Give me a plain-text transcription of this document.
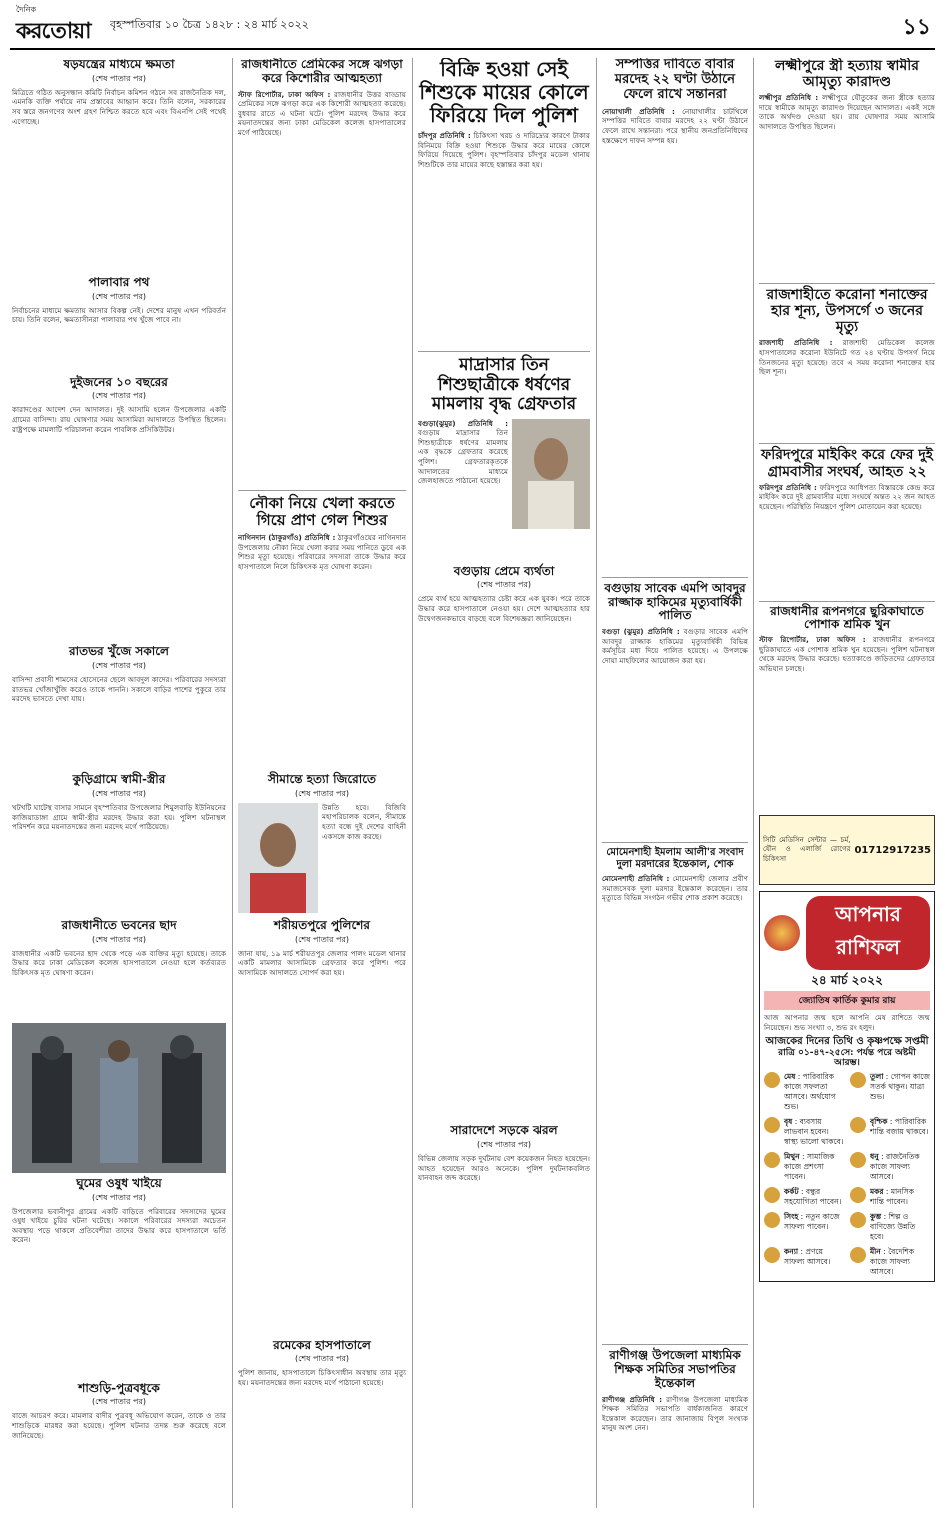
দৈনিক
করতোয়া বৃহস্পতিবার ১০ চৈত্র ১৪২৮ : ২৪ মার্চ ২০২২	১১
ষড়যন্ত্রের মাধ্যমে ক্ষমতা
(শেষ পাতার পর)
মিত্রিতে গঠিত অনুসন্ধান কমিটি নির্বাচন কমিশন গঠনে সব রাজনৈতিক দল, এমনকি ব্যক্তি পর্যায়ে নাম প্রস্তাবের আহ্বান করে। তিনি বলেন, সরকারের সব স্তরে জনগণের অংশ গ্রহণ নিশ্চিত করতে হবে এবং বিএনপি সেই পথেই এগোচ্ছে।
পালাবার পথ
(শেষ পাতার পর)
নির্বাচনের মাধ্যমে ক্ষমতায় আসার বিকল্প নেই। দেশের মানুষ এখন পরিবর্তন চায়। তিনি বলেন, ক্ষমতাসীনরা পালাবার পথ খুঁজে পাবে না।
দুইজনের ১০ বছরের
(শেষ পাতার পর)
কারাদণ্ডের আদেশ দেন আদালত। দুই আসামি হলেন উপজেলার একটি গ্রামের বাসিন্দা। রায় ঘোষণার সময় আসামিরা আদালতে উপস্থিত ছিলেন। রাষ্ট্রপক্ষে মামলাটি পরিচালনা করেন পাবলিক প্রসিকিউটর।
রাতভর খুঁজে সকালে
(শেষ পাতার পর)
বাসিন্দা প্রবাসী শামসের হোসেনের ছেলে আবদুল কাদের। পরিবারের সদস্যরা রাতভর খোঁজাখুঁজি করেও তাকে পাননি। সকালে বাড়ির পাশের পুকুরে তার মরদেহ ভাসতে দেখা যায়।
কুড়িগ্রামে স্বামী-স্ত্রীর
(শেষ পাতার পর)
খটখটি ঘাটেস্থ বাসার সামনে বৃহস্পতিবার উপজেলার শিমুলবাড়ি ইউনিয়নের কাজিয়াডাঙ্গা গ্রামে স্বামী-স্ত্রীর মরদেহ উদ্ধার করা হয়। পুলিশ ঘটনাস্থল পরিদর্শন করে ময়নাতদন্তের জন্য মরদেহ মর্গে পাঠিয়েছে।
রাজধানীতে ভবনের ছাদ
(শেষ পাতার পর)
রাজধানীর একটি ভবনের ছাদ থেকে পড়ে এক ব্যক্তির মৃত্যু হয়েছে। তাকে উদ্ধার করে ঢাকা মেডিকেল কলেজ হাসপাতালে নেওয়া হলে কর্তব্যরত চিকিৎসক মৃত ঘোষণা করেন।
ঘুমের ওষুধ খাইয়ে
(শেষ পাতার পর)
উপজেলার ভবানীপুর গ্রামের একটি বাড়িতে পরিবারের সদস্যদের ঘুমের ওষুধ খাইয়ে চুরির ঘটনা ঘটেছে। সকালে পরিবারের সদস্যরা অচেতন অবস্থায় পড়ে থাকলে প্রতিবেশীরা তাদের উদ্ধার করে হাসপাতালে ভর্তি করেন।
শাশুড়ি-পুত্রবধূকে
(শেষ পাতার পর)
বাজে আচরণ করে। মামলার বাদীর পুত্রবধূ অভিযোগ করেন, তাকে ও তার শাশুড়িকে মারধর করা হয়েছে। পুলিশ ঘটনার তদন্ত শুরু করেছে বলে জানিয়েছে।
রাজধানীতে প্রেমিকের সঙ্গে ঝগড়া করে কিশোরীর আত্মহত্যা
স্টাফ রিপোর্টার, ঢাকা অফিস : রাজধানীর উত্তর বাড্ডায় প্রেমিকের সঙ্গে ঝগড়া করে এক কিশোরী আত্মহত্যা করেছে। বুধবার রাতে এ ঘটনা ঘটে। পুলিশ মরদেহ উদ্ধার করে ময়নাতদন্তের জন্য ঢাকা মেডিকেল কলেজ হাসপাতালের মর্গে পাঠিয়েছে।
নৌকা নিয়ে খেলা করতে গিয়ে প্রাণ গেল শিশুর
নাগিনদান (ঠাকুরগাঁও) প্রতিনিধি : ঠাকুরগাঁওয়ের নাগিনদান উপজেলায় নৌকা নিয়ে খেলা করার সময় পানিতে ডুবে এক শিশুর মৃত্যু হয়েছে। পরিবারের সদস্যরা তাকে উদ্ধার করে হাসপাতালে নিলে চিকিৎসক মৃত ঘোষণা করেন।
সীমান্তে হত্যা জিরোতে
(শেষ পাতার পর)
উন্নতি হবে। বিজিবি মহাপরিচালক বলেন, সীমান্তে হত্যা বন্ধে দুই দেশের বাহিনী একসঙ্গে কাজ করছে।
শরীয়তপুরে পুলিশের
(শেষ পাতার পর)
জানা যায়, ১৯ মার্চ শরীয়তপুর জেলার পালং মডেল থানার একটি মামলার আসামিকে গ্রেফতার করে পুলিশ। পরে আসামিকে আদালতে সোপর্দ করা হয়।
রমেকের হাসপাতালে
(শেষ পাতার পর)
পুলিশ জানায়, হাসপাতালে চিকিৎসাধীন অবস্থায় তার মৃত্যু হয়। ময়নাতদন্তের জন্য মরদেহ মর্গে পাঠানো হয়েছে।
বিক্রি হওয়া সেই শিশুকে মায়ের কোলে ফিরিয়ে দিল পুলিশ
চাঁদপুর প্রতিনিধি : চিকিৎসা খরচ ও দারিদ্র্যের কারণে টাকার বিনিময়ে বিক্রি হওয়া শিশুকে উদ্ধার করে মায়ের কোলে ফিরিয়ে দিয়েছে পুলিশ। বৃহস্পতিবার চাঁদপুর মডেল থানায় শিশুটিকে তার মায়ের কাছে হস্তান্তর করা হয়।
মাদ্রাসার তিন শিশুছাত্রীকে ধর্ষণের মামলায় বৃদ্ধ গ্রেফতার
বগুড়া(ঝুমুর) প্রতিনিধি : বগুড়ায় মাদ্রাসার তিন শিশুছাত্রীকে ধর্ষণের মামলায় এক বৃদ্ধকে গ্রেফতার করেছে পুলিশ। গ্রেফতারকৃতকে আদালতের মাধ্যমে জেলহাজতে পাঠানো হয়েছে।
বগুড়ায় প্রেমে ব্যর্থতা
(শেষ পাতার পর)
প্রেমে ব্যর্থ হয়ে আত্মহত্যার চেষ্টা করে এক যুবক। পরে তাকে উদ্ধার করে হাসপাতালে নেওয়া হয়। দেশে আত্মহত্যার হার উদ্বেগজনকভাবে বাড়ছে বলে বিশেষজ্ঞরা জানিয়েছেন।
সারাদেশে সড়কে ঝরল
(শেষ পাতার পর)
বিভিন্ন জেলায় সড়ক দুর্ঘটনায় বেশ কয়েকজন নিহত হয়েছেন। আহত হয়েছেন আরও অনেকে। পুলিশ দুর্ঘটনাকবলিত যানবাহন জব্দ করেছে।
সম্পত্তির দাবিতে বাবার মরদেহ ২২ ঘণ্টা উঠানে ফেলে রাখে সন্তানরা
নোয়াখালী প্রতিনিধি : নোয়াখালীর চাটখিলে সম্পত্তির দাবিতে বাবার মরদেহ ২২ ঘণ্টা উঠানে ফেলে রাখে সন্তানরা। পরে স্থানীয় জনপ্রতিনিধিদের হস্তক্ষেপে দাফন সম্পন্ন হয়।
বগুড়ায় সাবেক এমপি আবদুর রাজ্জাক হাকিমের মৃত্যুবার্ষিকী পালিত
বগুড়া (ঝুমুর) প্রতিনিধি : বগুড়ার সাবেক এমপি আবদুর রাজ্জাক হাকিমের মৃত্যুবার্ষিকী বিভিন্ন কর্মসূচির মধ্য দিয়ে পালিত হয়েছে। এ উপলক্ষে দোয়া মাহফিলের আয়োজন করা হয়।
মোমেনশাহী ইমলাম আলী'র সংবাদ দুলা মরদারের ইন্তেকাল, শোক
মোমেনশাহী প্রতিনিধি : মোমেনশাহী জেলার প্রবীণ সমাজসেবক দুলা মরদার ইন্তেকাল করেছেন। তার মৃত্যুতে বিভিন্ন সংগঠন গভীর শোক প্রকাশ করেছে।
রাণীগঞ্জ উপজেলা মাধ্যমিক শিক্ষক সমিতির সভাপতির ইন্তেকাল
রাণীগঞ্জ প্রতিনিধি : রাণীগঞ্জ উপজেলা মাধ্যমিক শিক্ষক সমিতির সভাপতি বার্ধক্যজনিত কারণে ইন্তেকাল করেছেন। তার জানাজায় বিপুল সংখ্যক মানুষ অংশ নেন।
লক্ষ্মীপুরে স্ত্রী হত্যায় স্বামীর আমৃত্যু কারাদণ্ড
লক্ষ্মীপুর প্রতিনিধি : লক্ষ্মীপুরে যৌতুকের জন্য স্ত্রীকে হত্যার দায়ে স্বামীকে আমৃত্যু কারাদণ্ড দিয়েছেন আদালত। একই সঙ্গে তাকে অর্থদণ্ড দেওয়া হয়। রায় ঘোষণার সময় আসামি আদালতে উপস্থিত ছিলেন।
রাজশাহীতে করোনা শনাক্তের হার শূন্য, উপসর্গে ৩ জনের মৃত্যু
রাজশাহী প্রতিনিধি : রাজশাহী মেডিকেল কলেজ হাসপাতালের করোনা ইউনিটে গত ২৪ ঘণ্টায় উপসর্গ নিয়ে তিনজনের মৃত্যু হয়েছে। তবে এ সময় করোনা শনাক্তের হার ছিল শূন্য।
ফরিদপুরে মাইকিং করে ফের দুই গ্রামবাসীর সংঘর্ষ, আহত ২২
ফরিদপুর প্রতিনিধি : ফরিদপুরে আধিপত্য বিস্তারকে কেন্দ্র করে মাইকিং করে দুই গ্রামবাসীর মধ্যে সংঘর্ষে অন্তত ২২ জন আহত হয়েছেন। পরিস্থিতি নিয়ন্ত্রণে পুলিশ মোতায়েন করা হয়েছে।
রাজধানীর রূপনগরে ছুরিকাঘাতে পোশাক শ্রমিক খুন
স্টাফ রিপোর্টার, ঢাকা অফিস : রাজধানীর রূপনগরে ছুরিকাঘাতে এক পোশাক শ্রমিক খুন হয়েছেন। পুলিশ ঘটনাস্থল থেকে মরদেহ উদ্ধার করেছে। হত্যাকাণ্ডে জড়িতদের গ্রেফতারে অভিযান চলছে।
সিটি মেডিসিন সেন্টার — চর্ম, যৌন ও এলার্জি রোগের চিকিৎসা
01712917235
আপনার রাশিফল
২৪ মার্চ ২০২২
জ্যোতিষ কার্তিক কুমার রায়
আজ আপনার জন্ম হলে আপনি মেষ রাশিতে জন্ম নিয়েছেন। শুভ সংখ্যা ৩, শুভ রং হলুদ।
আজকের দিনের তিথি ও কৃষ্ণপক্ষে সপ্তমী
রাত্রি ০১-৪৭-২৫সে: পর্যন্ত পরে অষ্টমী আরম্ভ।
মেষ : পারিবারিক কাজে সফলতা আসবে। অর্থযোগ শুভ।
তুলা : গোপন কাজে সতর্ক থাকুন। যাত্রা শুভ।
বৃষ : ব্যবসায় লাভবান হবেন। স্বাস্থ্য ভালো থাকবে।
বৃশ্চিক : পারিবারিক শান্তি বজায় থাকবে।
মিথুন : সামাজিক কাজে প্রশংসা পাবেন।
ধনু : রাজনৈতিক কাজে সাফল্য আসবে।
কর্কট : বন্ধুর সহযোগিতা পাবেন।
মকর : মানসিক শান্তি পাবেন।
সিংহ : নতুন কাজে সাফল্য পাবেন।
কুম্ভ : শিল্প ও বাণিজ্যে উন্নতি হবে।
কন্যা : প্রণয়ে সাফল্য আসবে।
মীন : বৈদেশিক কাজে সাফল্য আসবে।
